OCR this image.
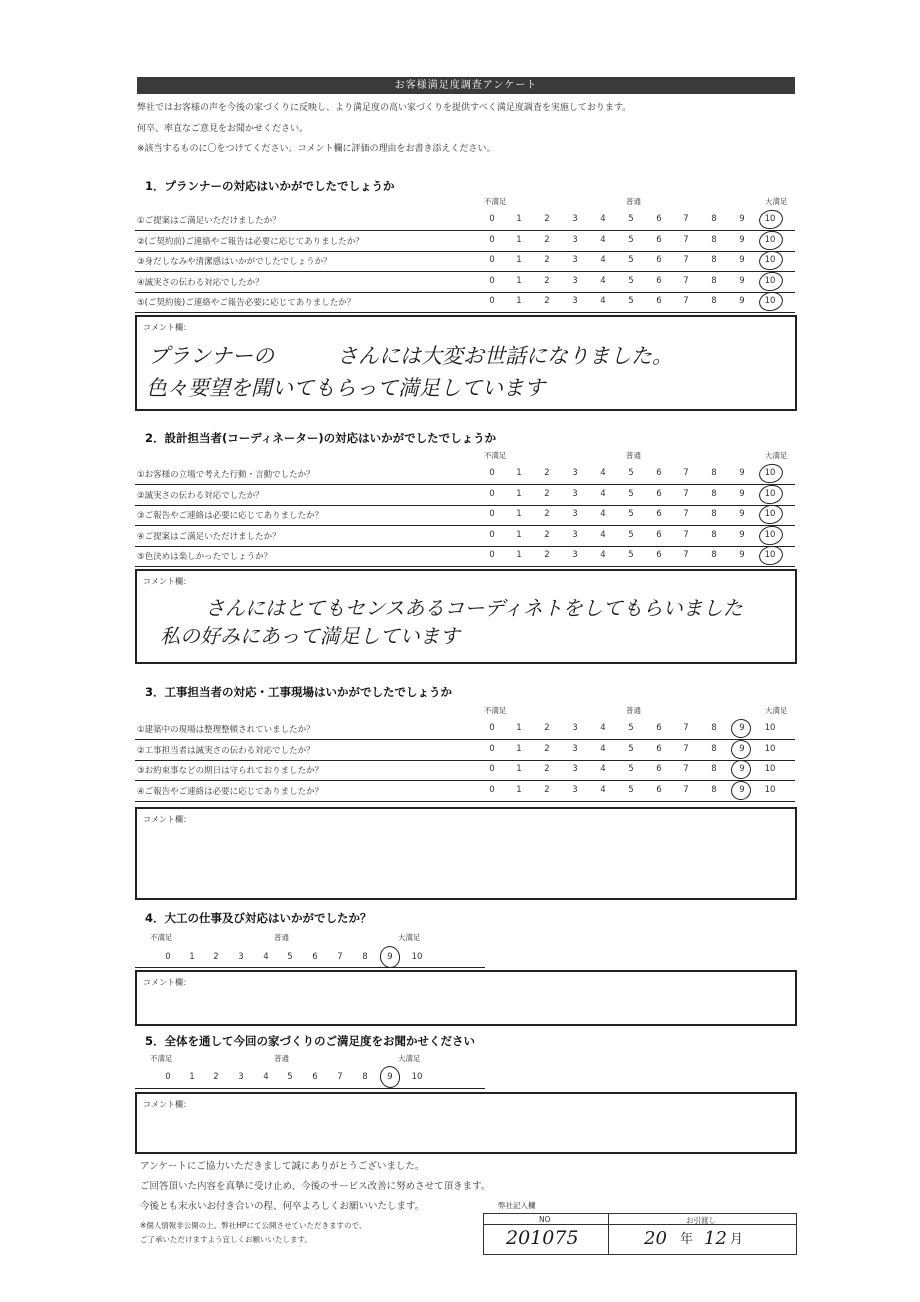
お客様満足度調査アンケート
弊社ではお客様の声を今後の家づくりに反映し、より満足度の高い家づくりを提供すべく満足度調査を実施しております。
何卒、率直なご意見をお聞かせください。
※該当するものに〇をつけてください。コメント欄に評価の理由をお書き添えください。
1．プランナーの対応はいかがでしたでしょうか
不満足	普通	大満足
①ご提案はご満足いただけましたか？	0	1	2	3	4	5	6	7	8	9	10
②(ご契約前)ご連絡やご報告は必要に応じてありましたか？	0	1	2	3	4	5	6	7	8	9	10
③身だしなみや清潔感はいかがでしたでしょうか？	0	1	2	3	4	5	6	7	8	9	10
④誠実さの伝わる対応でしたか？	0	1	2	3	4	5	6	7	8	9	10
⑤(ご契約後)ご連絡やご報告必要に応じてありましたか？	0	1	2	3	4	5	6	7	8	9	10
コメント欄：
プランナーの　　　さんには大変お世話になりました。
色々要望を聞いてもらって満足しています
2．設計担当者(コーディネーター)の対応はいかがでしたでしょうか
不満足	普通	大満足
①お客様の立場で考えた行動・言動でしたか？	0	1	2	3	4	5	6	7	8	9	10
②誠実さの伝わる対応でしたか？	0	1	2	3	4	5	6	7	8	9	10
③ご報告やご連絡は必要に応じてありましたか？	0	1	2	3	4	5	6	7	8	9	10
④ご提案はご満足いただけましたか？	0	1	2	3	4	5	6	7	8	9	10
⑤色決めは楽しかったでしょうか？	0	1	2	3	4	5	6	7	8	9	10
コメント欄：
さんにはとてもセンスあるコーディネトをしてもらいました
私の好みにあって満足しています
3．工事担当者の対応・工事現場はいかがでしたでしょうか
不満足	普通	大満足
①建築中の現場は整理整頓されていましたか？	0	1	2	3	4	5	6	7	8	9	10
②工事担当者は誠実さの伝わる対応でしたか？	0	1	2	3	4	5	6	7	8	9	10
③お約束事などの期日は守られておりましたか？	0	1	2	3	4	5	6	7	8	9	10
④ご報告やご連絡は必要に応じてありましたか？	0	1	2	3	4	5	6	7	8	9	10
コメント欄：
4．大工の仕事及び対応はいかがでしたか？
不満足	普通	大満足
0	1	2	3	4	5	6	7	8	9	10
コメント欄：
5．全体を通して今回の家づくりのご満足度をお聞かせください
不満足	普通	大満足
0	1	2	3	4	5	6	7	8	9	10
コメント欄：
アンケートにご協力いただきまして誠にありがとうございました。
ご回答頂いた内容を真摯に受け止め、今後のサービス改善に努めさせて頂きます。
今後とも末永いお付き合いの程、何卒よろしくお願いいたします。
※個人情報非公開の上、弊社HPにて公開させていただきますので、
ご了承いただけますよう宜しくお願いいたします。
弊社記入欄
NO	お引渡し
201075	20 年 12 月
